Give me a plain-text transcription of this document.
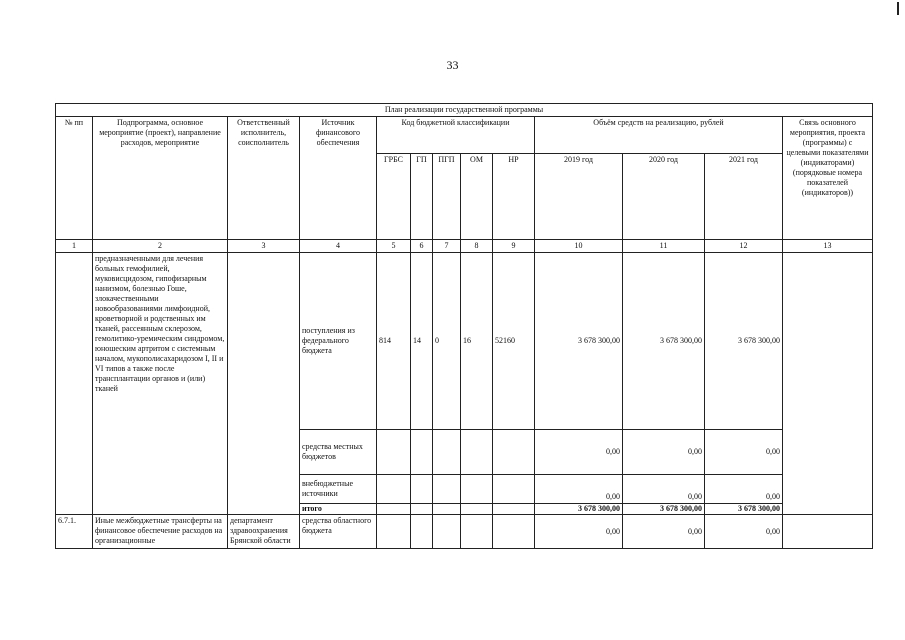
33
План реализации государственной программы												
№ пп	Подпрограмма, основное мероприятие (проект), направление расходов, мероприятие	Ответственный исполнитель, соисполнитель	Источник финансового обеспечения	Код бюджетной классификации					Объём средств на реализацию, рублей			Связь основного мероприятия, проекта (программы) с целевыми показателями (индикаторами) (порядковые номера показателей (индикаторов))
				ГРБС	ГП	ПГП	ОМ	НР	2019 год	2020 год	2021 год	
1	2	3	4	5	6	7	8	9	10	11	12	13
	предназначенными для лечения больных гемофилией, муковисцидозом, гипофизарным нанизмом, болезнью Гоше, злокачественными новообразованиями лимфоидной, кроветворной и родственных им тканей, рассеянным склерозом, гемолитико-уремическим синдромом, юношеским артритом с системным началом, мукополисахаридозом I, II и VI типов а также после трансплантации органов и (или) тканей		поступления из федерального бюджета	814	14	0	16	52160	3 678 300,00	3 678 300,00	3 678 300,00	
			средства местных бюджетов						0,00	0,00	0,00	
			внебюджетные источники						0,00	0,00	0,00	
			итого						3 678 300,00	3 678 300,00	3 678 300,00	
6.7.1.	Иные межбюджетные трансферты на финансовое обеспечение расходов на организационные	департамент здравоохранения Брянской области	средства областного бюджета						0,00	0,00	0,00	
